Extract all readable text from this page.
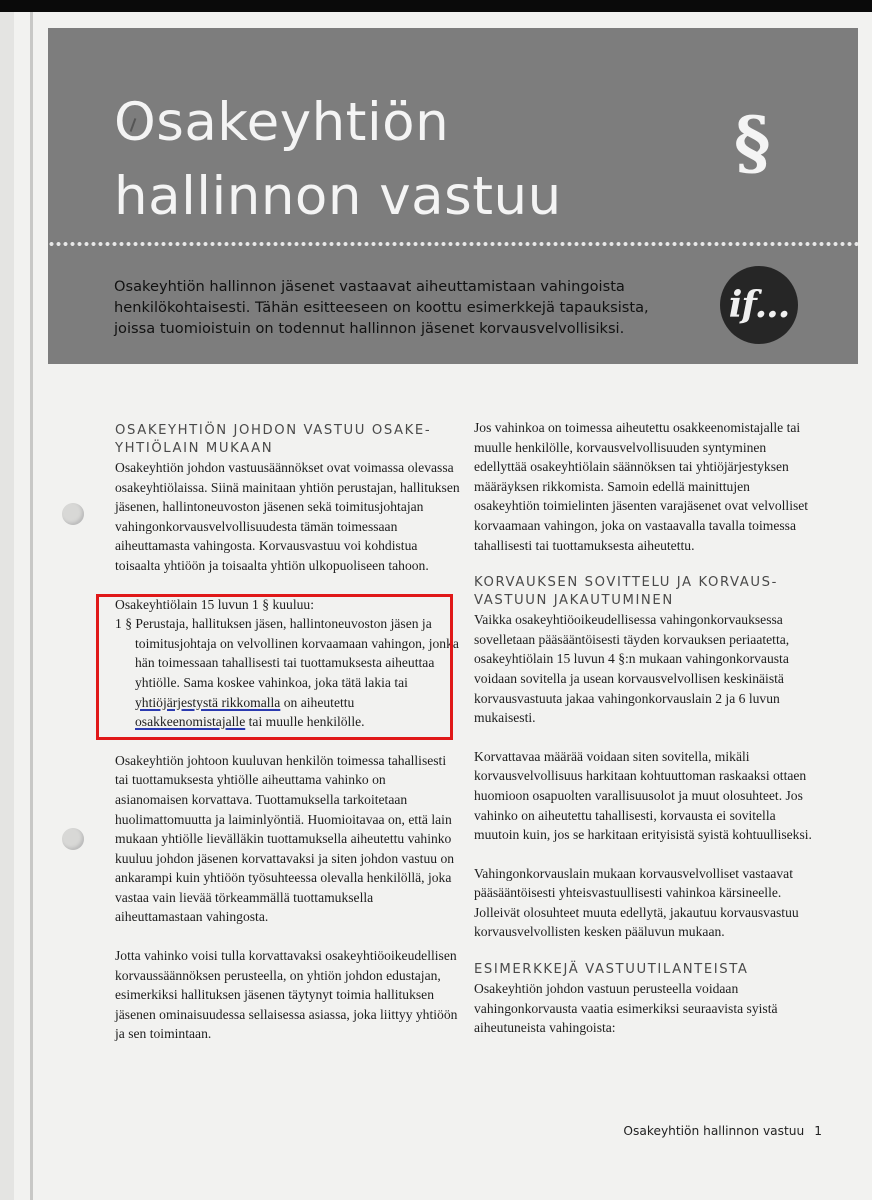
Osakeyhtiön hallinnon vastuu
§
Osakeyhtiön hallinnon jäsenet vastaavat aiheuttamistaan vahingoista henkilökohtaisesti. Tähän esitteeseen on koottu esimerkkejä tapauksista, joissa tuomioistuin on todennut hallinnon jäsenet korvausvelvollisiksi.
if...
OSAKEYHTIÖN JOHDON VASTUU OSAKE-YHTIÖLAIN MUKAAN

Osakeyhtiön johdon vastuusäännökset ovat voimassa olevassa osakeyhtiölaissa. Siinä mainitaan yhtiön perustajan, hallituksen jäsenen, hallintoneuvoston jäsenen sekä toimitusjohtajan vahingonkorvausvelvollisuudesta tämän toimessaan aiheuttamasta vahingosta. Korvausvastuu voi kohdistua toisaalta yhtiöön ja toisaalta yhtiön ulkopuoliseen tahoon.

Osakeyhtiölain 15 luvun 1 § kuuluu:

1 § Perustaja, hallituksen jäsen, hallintoneuvoston jäsen ja toimitusjohtaja on velvollinen korvaamaan vahingon, jonka hän toimessaan tahallisesti tai tuottamuksesta aiheuttaa yhtiölle. Sama koskee vahinkoa, joka tätä lakia tai yhtiöjärjestystä rikkomalla on aiheutettu osakkeenomistajalle tai muulle henkilölle.

Osakeyhtiön johtoon kuuluvan henkilön toimessa tahallisesti tai tuottamuksesta yhtiölle aiheuttama vahinko on asianomaisen korvattava. Tuottamuksella tarkoitetaan huolimattomuutta ja laiminlyöntiä. Huomioitavaa on, että lain mukaan yhtiölle lievälläkin tuottamuksella aiheutettu vahinko kuuluu johdon jäsenen korvattavaksi ja siten johdon vastuu on ankarampi kuin yhtiöön työsuhteessa olevalla henkilöllä, joka vastaa vain lievää törkeammällä tuottamuksella aiheuttamastaan vahingosta.

Jotta vahinko voisi tulla korvattavaksi osakeyhtiöoikeudellisen korvaussäännöksen perusteella, on yhtiön johdon edustajan, esimerkiksi hallituksen jäsenen täytynyt toimia hallituksen jäsenen ominaisuudessa sellaisessa asiassa, joka liittyy yhtiöön ja sen toimintaan.

Jos vahinkoa on toimessa aiheutettu osakkeenomistajalle tai muulle henkilölle, korvausvelvollisuuden syntyminen edellyttää osakeyhtiölain säännöksen tai yhtiöjärjestyksen määräyksen rikkomista. Samoin edellä mainittujen osakeyhtiön toimielinten jäsenten varajäsenet ovat velvolliset korvaamaan vahingon, joka on vastaavalla tavalla toimessa tahallisesti tai tuottamuksesta aiheutettu.

KORVAUKSEN SOVITTELU JA KORVAUS-VASTUUN JAKAUTUMINEN

Vaikka osakeyhtiöoikeudellisessa vahingonkorvauksessa sovelletaan pääsääntöisesti täyden korvauksen periaatetta, osakeyhtiölain 15 luvun 4 §:n mukaan vahingonkorvausta voidaan sovitella ja usean korvausvelvollisen keskinäistä korvausvastuuta jakaa vahingonkorvauslain 2 ja 6 luvun mukaisesti.

Korvattavaa määrää voidaan siten sovitella, mikäli korvausvelvollisuus harkitaan kohtuuttoman raskaaksi ottaen huomioon osapuolten varallisuusolot ja muut olosuhteet. Jos vahinko on aiheutettu tahallisesti, korvausta ei sovitella muutoin kuin, jos se harkitaan erityisistä syistä kohtuulliseksi.

Vahingonkorvauslain mukaan korvausvelvolliset vastaavat pääsääntöisesti yhteisvastuullisesti vahinkoa kärsineelle. Jolleivät olosuhteet muuta edellytä, jakautuu korvausvastuu korvausvelvollisten kesken pääluvun mukaan.

ESIMERKKEJÄ VASTUUTILANTEISTA

Osakeyhtiön johdon vastuun perusteella voidaan vahingonkorvausta vaatia esimerkiksi seuraavista syistä aiheutuneista vahingoista:

Osakeyhtiön hallinnon vastuu 1
